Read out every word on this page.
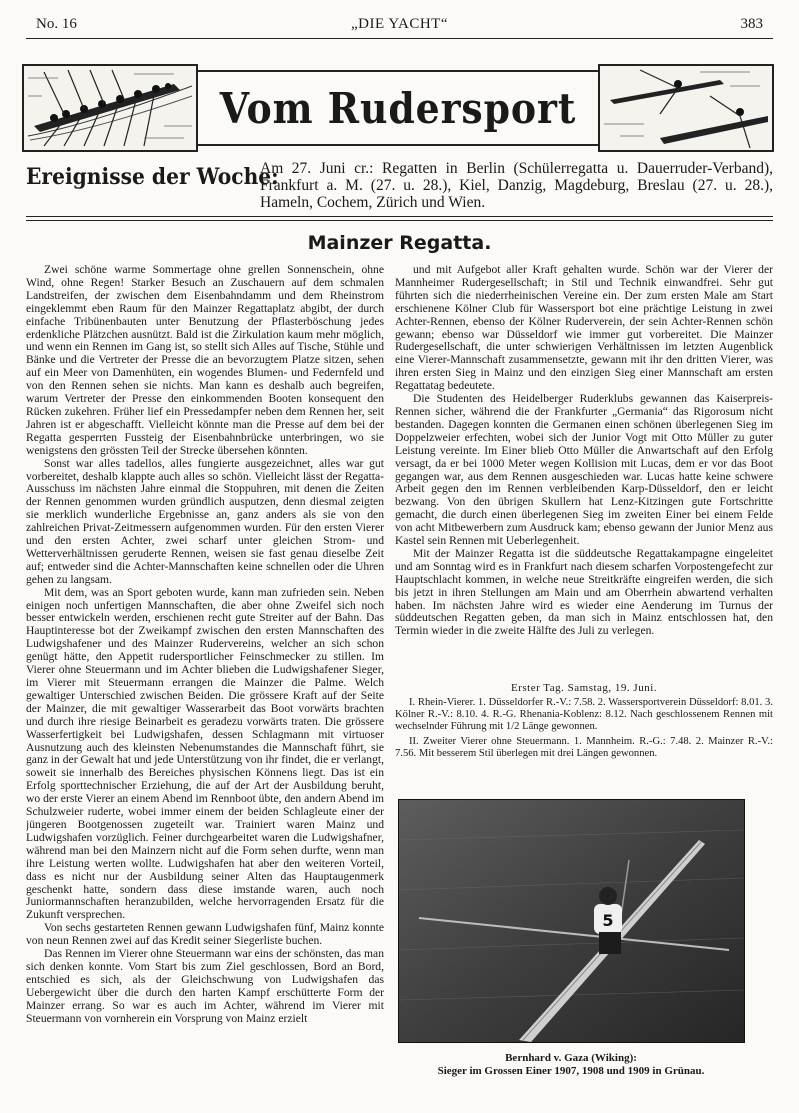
No. 16	„DIE YACHT“	383
Vom Rudersport
Ereignisse der Woche:
Am 27. Juni cr.: Regatten in Berlin (Schülerregatta u. Dauerruder-Verband), Frankfurt a. M. (27. u. 28.), Kiel, Danzig, Magdeburg, Breslau (27. u. 28.), Hameln, Cochem, Zürich und Wien.
Mainzer Regatta.

Zwei schöne warme Sommertage ohne grellen Sonnenschein, ohne Wind, ohne Regen! Starker Besuch an Zuschauern auf dem schmalen Landstreifen, der zwischen dem Eisenbahndamm und dem Rheinstrom eingeklemmt eben Raum für den Mainzer Regattaplatz abgibt, der durch einfache Tribünenbauten unter Benutzung der Pflasterböschung jedes erdenkliche Plätzchen ausnützt. Bald ist die Zirkulation kaum mehr möglich, und wenn ein Rennen im Gang ist, so stellt sich Alles auf Tische, Stühle und Bänke und die Vertreter der Presse die an bevorzugtem Platze sitzen, sehen auf ein Meer von Damenhüten, ein wogendes Blumen- und Federnfeld und von den Rennen sehen sie nichts. Man kann es deshalb auch begreifen, warum Vertreter der Presse den einkommenden Booten konsequent den Rücken zukehren. Früher lief ein Pressedampfer neben dem Rennen her, seit Jahren ist er abgeschafft. Vielleicht könnte man die Presse auf dem bei der Regatta gesperrten Fussteig der Eisenbahnbrücke unterbringen, wo sie wenigstens den grössten Teil der Strecke übersehen könnten.

Sonst war alles tadellos, alles fungierte ausgezeichnet, alles war gut vorbereitet, deshalb klappte auch alles so schön. Vielleicht lässt der Regatta-Ausschuss im nächsten Jahre einmal die Stoppuhren, mit denen die Zeiten der Rennen genommen wurden gründlich ausputzen, denn diesmal zeigten sie merklich wunderliche Ergebnisse an, ganz anders als sie von den zahlreichen Privat-Zeitmessern aufgenommen wurden. Für den ersten Vierer und den ersten Achter, zwei scharf unter gleichen Strom- und Wetterverhältnissen geruderte Rennen, weisen sie fast genau dieselbe Zeit auf; entweder sind die Achter-Mannschaften keine schnellen oder die Uhren gehen zu langsam.

Mit dem, was an Sport geboten wurde, kann man zufrieden sein. Neben einigen noch unfertigen Mannschaften, die aber ohne Zweifel sich noch besser entwickeln werden, erschienen recht gute Streiter auf der Bahn. Das Hauptinteresse bot der Zweikampf zwischen den ersten Mannschaften des Ludwigshafener und des Mainzer Rudervereins, welcher an sich schon genügt hätte, den Appetit rudersportlicher Feinschmecker zu stillen. Im Vierer ohne Steuermann und im Achter blieben die Ludwigshafener Sieger, im Vierer mit Steuermann errangen die Mainzer die Palme. Welch gewaltiger Unterschied zwischen Beiden. Die grössere Kraft auf der Seite der Mainzer, die mit gewaltiger Wasserarbeit das Boot vorwärts brachten und durch ihre riesige Beinarbeit es geradezu vorwärts traten. Die grössere Wasserfertigkeit bei Ludwigshafen, dessen Schlagmann mit virtuoser Ausnutzung auch des kleinsten Nebenumstandes die Mannschaft führt, sie ganz in der Gewalt hat und jede Unterstützung von ihr findet, die er verlangt, soweit sie innerhalb des Bereiches physischen Könnens liegt. Das ist ein Erfolg sporttechnischer Erziehung, die auf der Art der Ausbildung beruht, wo der erste Vierer an einem Abend im Rennboot übte, den andern Abend im Schulzweier ruderte, wobei immer einem der beiden Schlagleute einer der jüngeren Bootgenossen zugeteilt war. Trainiert waren Mainz und Ludwigshafen vorzüglich. Feiner durchgearbeitet waren die Ludwigshafner, während man bei den Mainzern nicht auf die Form sehen durfte, wenn man ihre Leistung werten wollte. Ludwigshafen hat aber den weiteren Vorteil, dass es nicht nur der Ausbildung seiner Alten das Hauptaugenmerk geschenkt hatte, sondern dass diese imstande waren, auch noch Juniormannschaften heranzubilden, welche hervorragenden Ersatz für die Zukunft versprechen.

Von sechs gestarteten Rennen gewann Ludwigshafen fünf, Mainz konnte von neun Rennen zwei auf das Kredit seiner Siegerliste buchen.

Das Rennen im Vierer ohne Steuermann war eins der schönsten, das man sich denken konnte. Vom Start bis zum Ziel geschlossen, Bord an Bord, entschied es sich, als der Gleichschwung von Ludwigshafen das Uebergewicht über die durch den harten Kampf erschütterte Form der Mainzer errang. So war es auch im Achter, während im Vierer mit Steuermann von vornherein ein Vorsprung von Mainz erzielt

und mit Aufgebot aller Kraft gehalten wurde. Schön war der Vierer der Mannheimer Rudergesellschaft; in Stil und Technik einwandfrei. Sehr gut führten sich die niederrheinischen Vereine ein. Der zum ersten Male am Start erschienene Kölner Club für Wassersport bot eine prächtige Leistung in zwei Achter-Rennen, ebenso der Kölner Ruderverein, der sein Achter-Rennen schön gewann; ebenso war Düsseldorf wie immer gut vorbereitet. Die Mainzer Rudergesellschaft, die unter schwierigen Verhältnissen im letzten Augenblick eine Vierer-Mannschaft zusammensetzte, gewann mit ihr den dritten Vierer, was ihren ersten Sieg in Mainz und den einzigen Sieg einer Mannschaft am ersten Regattatag bedeutete.

Die Studenten des Heidelberger Ruderklubs gewannen das Kaiserpreis-Rennen sicher, während die der Frankfurter „Germania“ das Rigorosum nicht bestanden. Dagegen konnten die Germanen einen schönen überlegenen Sieg im Doppelzweier erfechten, wobei sich der Junior Vogt mit Otto Müller zu guter Leistung vereinte. Im Einer blieb Otto Müller die Anwartschaft auf den Erfolg versagt, da er bei 1000 Meter wegen Kollision mit Lucas, dem er vor das Boot gegangen war, aus dem Rennen ausgeschieden war. Lucas hatte keine schwere Arbeit gegen den im Rennen verbleibenden Karp-Düsseldorf, den er leicht bezwang. Von den übrigen Skullern hat Lenz-Kitzingen gute Fortschritte gemacht, die durch einen überlegenen Sieg im zweiten Einer bei einem Felde von acht Mitbewerbern zum Ausdruck kam; ebenso gewann der Junior Menz aus Kastel sein Rennen mit Ueberlegenheit.

Mit der Mainzer Regatta ist die süddeutsche Regattakampagne eingeleitet und am Sonntag wird es in Frankfurt nach diesem scharfen Vorpostengefecht zur Hauptschlacht kommen, in welche neue Streitkräfte eingreifen werden, die sich bis jetzt in ihren Stellungen am Main und am Oberrhein abwartend verhalten haben. Im nächsten Jahre wird es wieder eine Aenderung im Turnus der süddeutschen Regatten geben, da man sich in Mainz entschlossen hat, den Termin wieder in die zweite Hälfte des Juli zu verlegen.

Erster Tag. Samstag, 19. Juni.

I. Rhein-Vierer. 1. Düsseldorfer R.-V.: 7.58. 2. Wassersportverein Düsseldorf: 8.01. 3. Kölner R.-V.: 8.10. 4. R.-G. Rhenania-Koblenz: 8.12. Nach geschlossenem Rennen mit wechselnder Führung mit 1/2 Länge gewonnen.

II. Zweiter Vierer ohne Steuermann. 1. Mannheim. R.-G.: 7.48. 2. Mainzer R.-V.: 7.56. Mit besserem Stil überlegen mit drei Längen gewonnen.

5
Bernhard v. Gaza (Wiking):
Sieger im Grossen Einer 1907, 1908 und 1909 in Grünau.
